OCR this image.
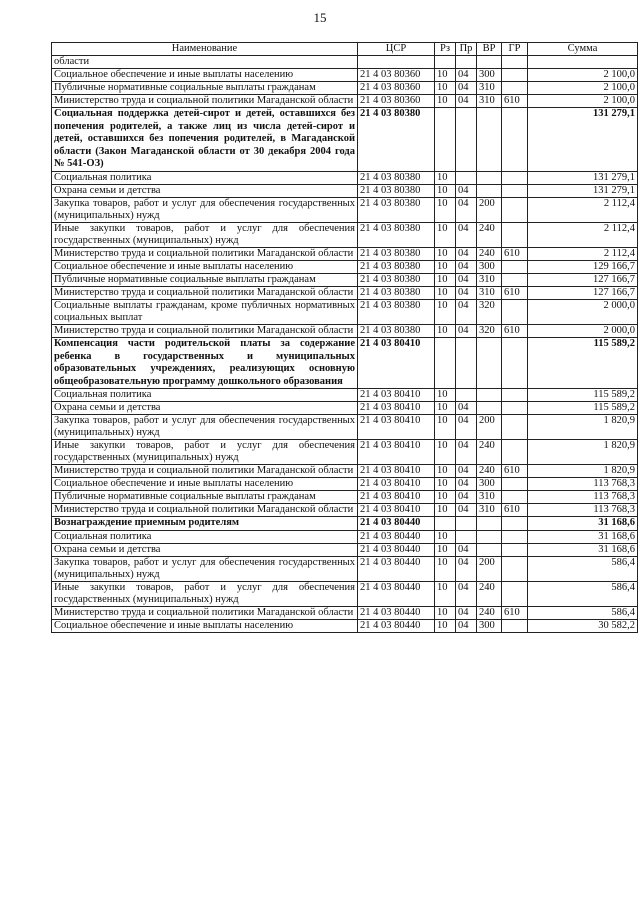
15
Наименование	ЦСР	Рз	Пр	ВР	ГР	Сумма
области						
Социальное обеспечение и иные выплаты населению	21 4 03 80360	10	04	300		2 100,0
Публичные нормативные социальные выплаты гражданам	21 4 03 80360	10	04	310		2 100,0
Министерство труда и социальной политики Магаданской области	21 4 03 80360	10	04	310	610	2 100,0
Социальная поддержка детей-сирот и детей, оставшихся без попечения родителей, а также лиц из числа детей-сирот и детей, оставшихся без попечения родителей, в Магаданской области (Закон Магаданской области от 30 декабря 2004 года № 541-ОЗ)	21 4 03 80380					131 279,1
Социальная политика	21 4 03 80380	10				131 279,1
Охрана семьи и детства	21 4 03 80380	10	04			131 279,1
Закупка товаров, работ и услуг для обеспечения государственных (муниципальных) нужд	21 4 03 80380	10	04	200		2 112,4
Иные закупки товаров, работ и услуг для обеспечения государственных (муниципальных) нужд	21 4 03 80380	10	04	240		2 112,4
Министерство труда и социальной политики Магаданской области	21 4 03 80380	10	04	240	610	2 112,4
Социальное обеспечение и иные выплаты населению	21 4 03 80380	10	04	300		129 166,7
Публичные нормативные социальные выплаты гражданам	21 4 03 80380	10	04	310		127 166,7
Министерство труда и социальной политики Магаданской области	21 4 03 80380	10	04	310	610	127 166,7
Социальные выплаты гражданам, кроме публичных нормативных социальных выплат	21 4 03 80380	10	04	320		2 000,0
Министерство труда и социальной политики Магаданской области	21 4 03 80380	10	04	320	610	2 000,0
Компенсация части родительской платы за содержание ребенка в государственных и муниципальных образовательных учреждениях, реализующих основную общеобразовательную программу дошкольного образования	21 4 03 80410					115 589,2
Социальная политика	21 4 03 80410	10				115 589,2
Охрана семьи и детства	21 4 03 80410	10	04			115 589,2
Закупка товаров, работ и услуг для обеспечения государственных (муниципальных) нужд	21 4 03 80410	10	04	200		1 820,9
Иные закупки товаров, работ и услуг для обеспечения государственных (муниципальных) нужд	21 4 03 80410	10	04	240		1 820,9
Министерство труда и социальной политики Магаданской области	21 4 03 80410	10	04	240	610	1 820,9
Социальное обеспечение и иные выплаты населению	21 4 03 80410	10	04	300		113 768,3
Публичные нормативные социальные выплаты гражданам	21 4 03 80410	10	04	310		113 768,3
Министерство труда и социальной политики Магаданской области	21 4 03 80410	10	04	310	610	113 768,3
Вознаграждение приемным родителям	21 4 03 80440					31 168,6
Социальная политика	21 4 03 80440	10				31 168,6
Охрана семьи и детства	21 4 03 80440	10	04			31 168,6
Закупка товаров, работ и услуг для обеспечения государственных (муниципальных) нужд	21 4 03 80440	10	04	200		586,4
Иные закупки товаров, работ и услуг для обеспечения государственных (муниципальных) нужд	21 4 03 80440	10	04	240		586,4
Министерство труда и социальной политики Магаданской области	21 4 03 80440	10	04	240	610	586,4
Социальное обеспечение и иные выплаты населению	21 4 03 80440	10	04	300		30 582,2
